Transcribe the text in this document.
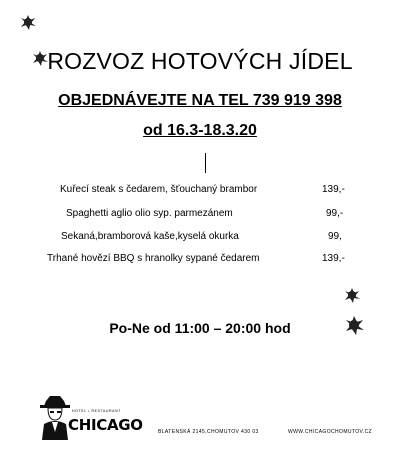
ROZVOZ HOTOVÝCH JÍDEL
OBJEDNÁVEJTE NA TEL 739 919 398
od 16.3-18.3.20
Kuřecí steak s čedarem, šťouchaný brambor	139,-
Spaghetti aglio olio syp. parmezánem	99,-
Sekaná,bramborová kaše,kyselá okurka	99,
Trhané hovězí BBQ s hranolky sypané čedarem	139,-
Po-Ne od 11:00 – 20:00 hod
HOTEL • RESTAURANT
CHICAGO	BLATENSKÁ 2145,CHOMUTOV 430 03	WWW.CHICAGOCHOMUTOV.CZ
